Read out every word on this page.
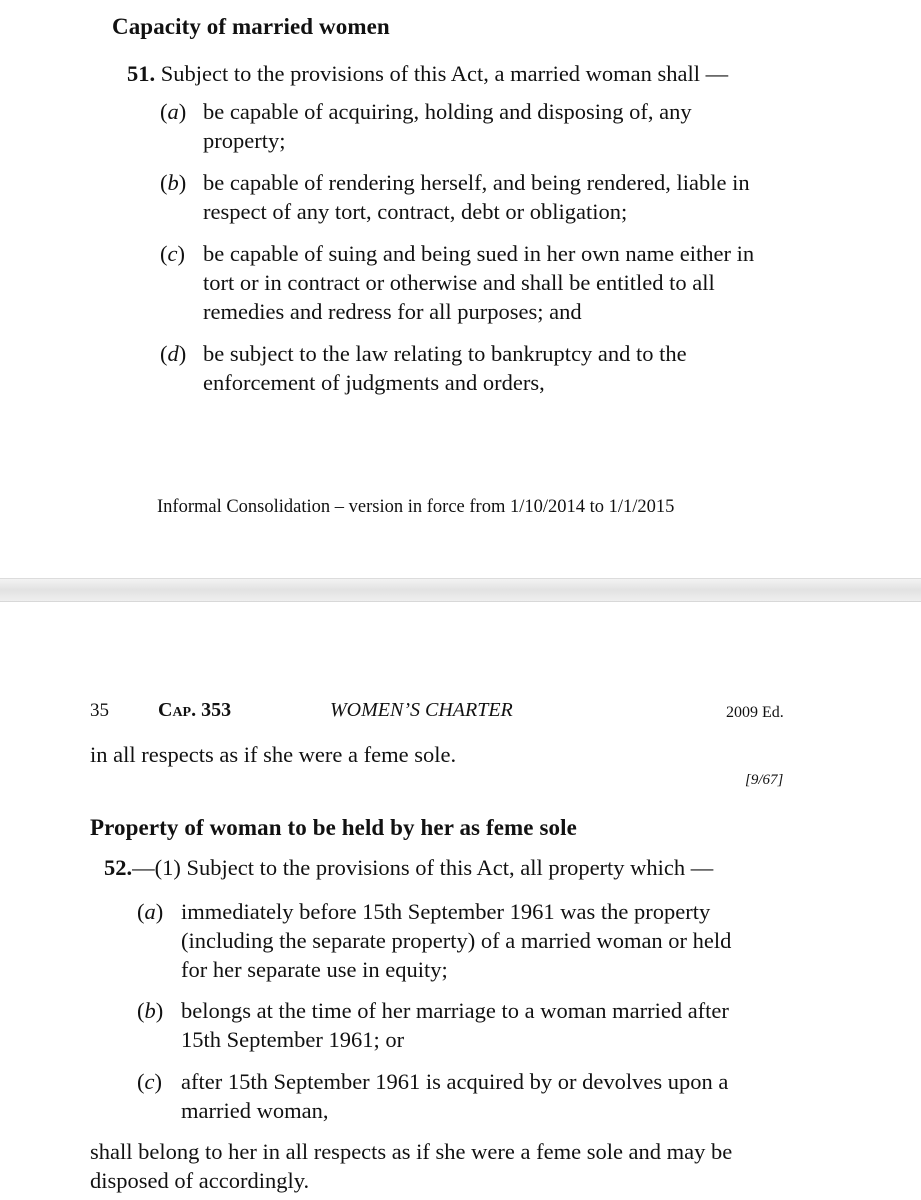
Capacity of married women
51. Subject to the provisions of this Act, a married woman shall —
(a) be capable of acquiring, holding and disposing of, any
property;
(b) be capable of rendering herself, and being rendered, liable in
respect of any tort, contract, debt or obligation;
(c) be capable of suing and being sued in her own name either in
tort or in contract or otherwise and shall be entitled to all
remedies and redress for all purposes; and
(d) be subject to the law relating to bankruptcy and to the
enforcement of judgments and orders,
Informal Consolidation – version in force from 1/10/2014 to 1/1/2015
35 Cap. 353	WOMEN’S CHARTER	2009 Ed.
in all respects as if she were a feme sole.
[9/67]
Property of woman to be held by her as feme sole
52.—(1) Subject to the provisions of this Act, all property which —
(a) immediately before 15th September 1961 was the property
(including the separate property) of a married woman or held
for her separate use in equity;
(b) belongs at the time of her marriage to a woman married after
15th September 1961; or
(c) after 15th September 1961 is acquired by or devolves upon a
married woman,
shall belong to her in all respects as if she were a feme sole and may be
disposed of accordingly.
